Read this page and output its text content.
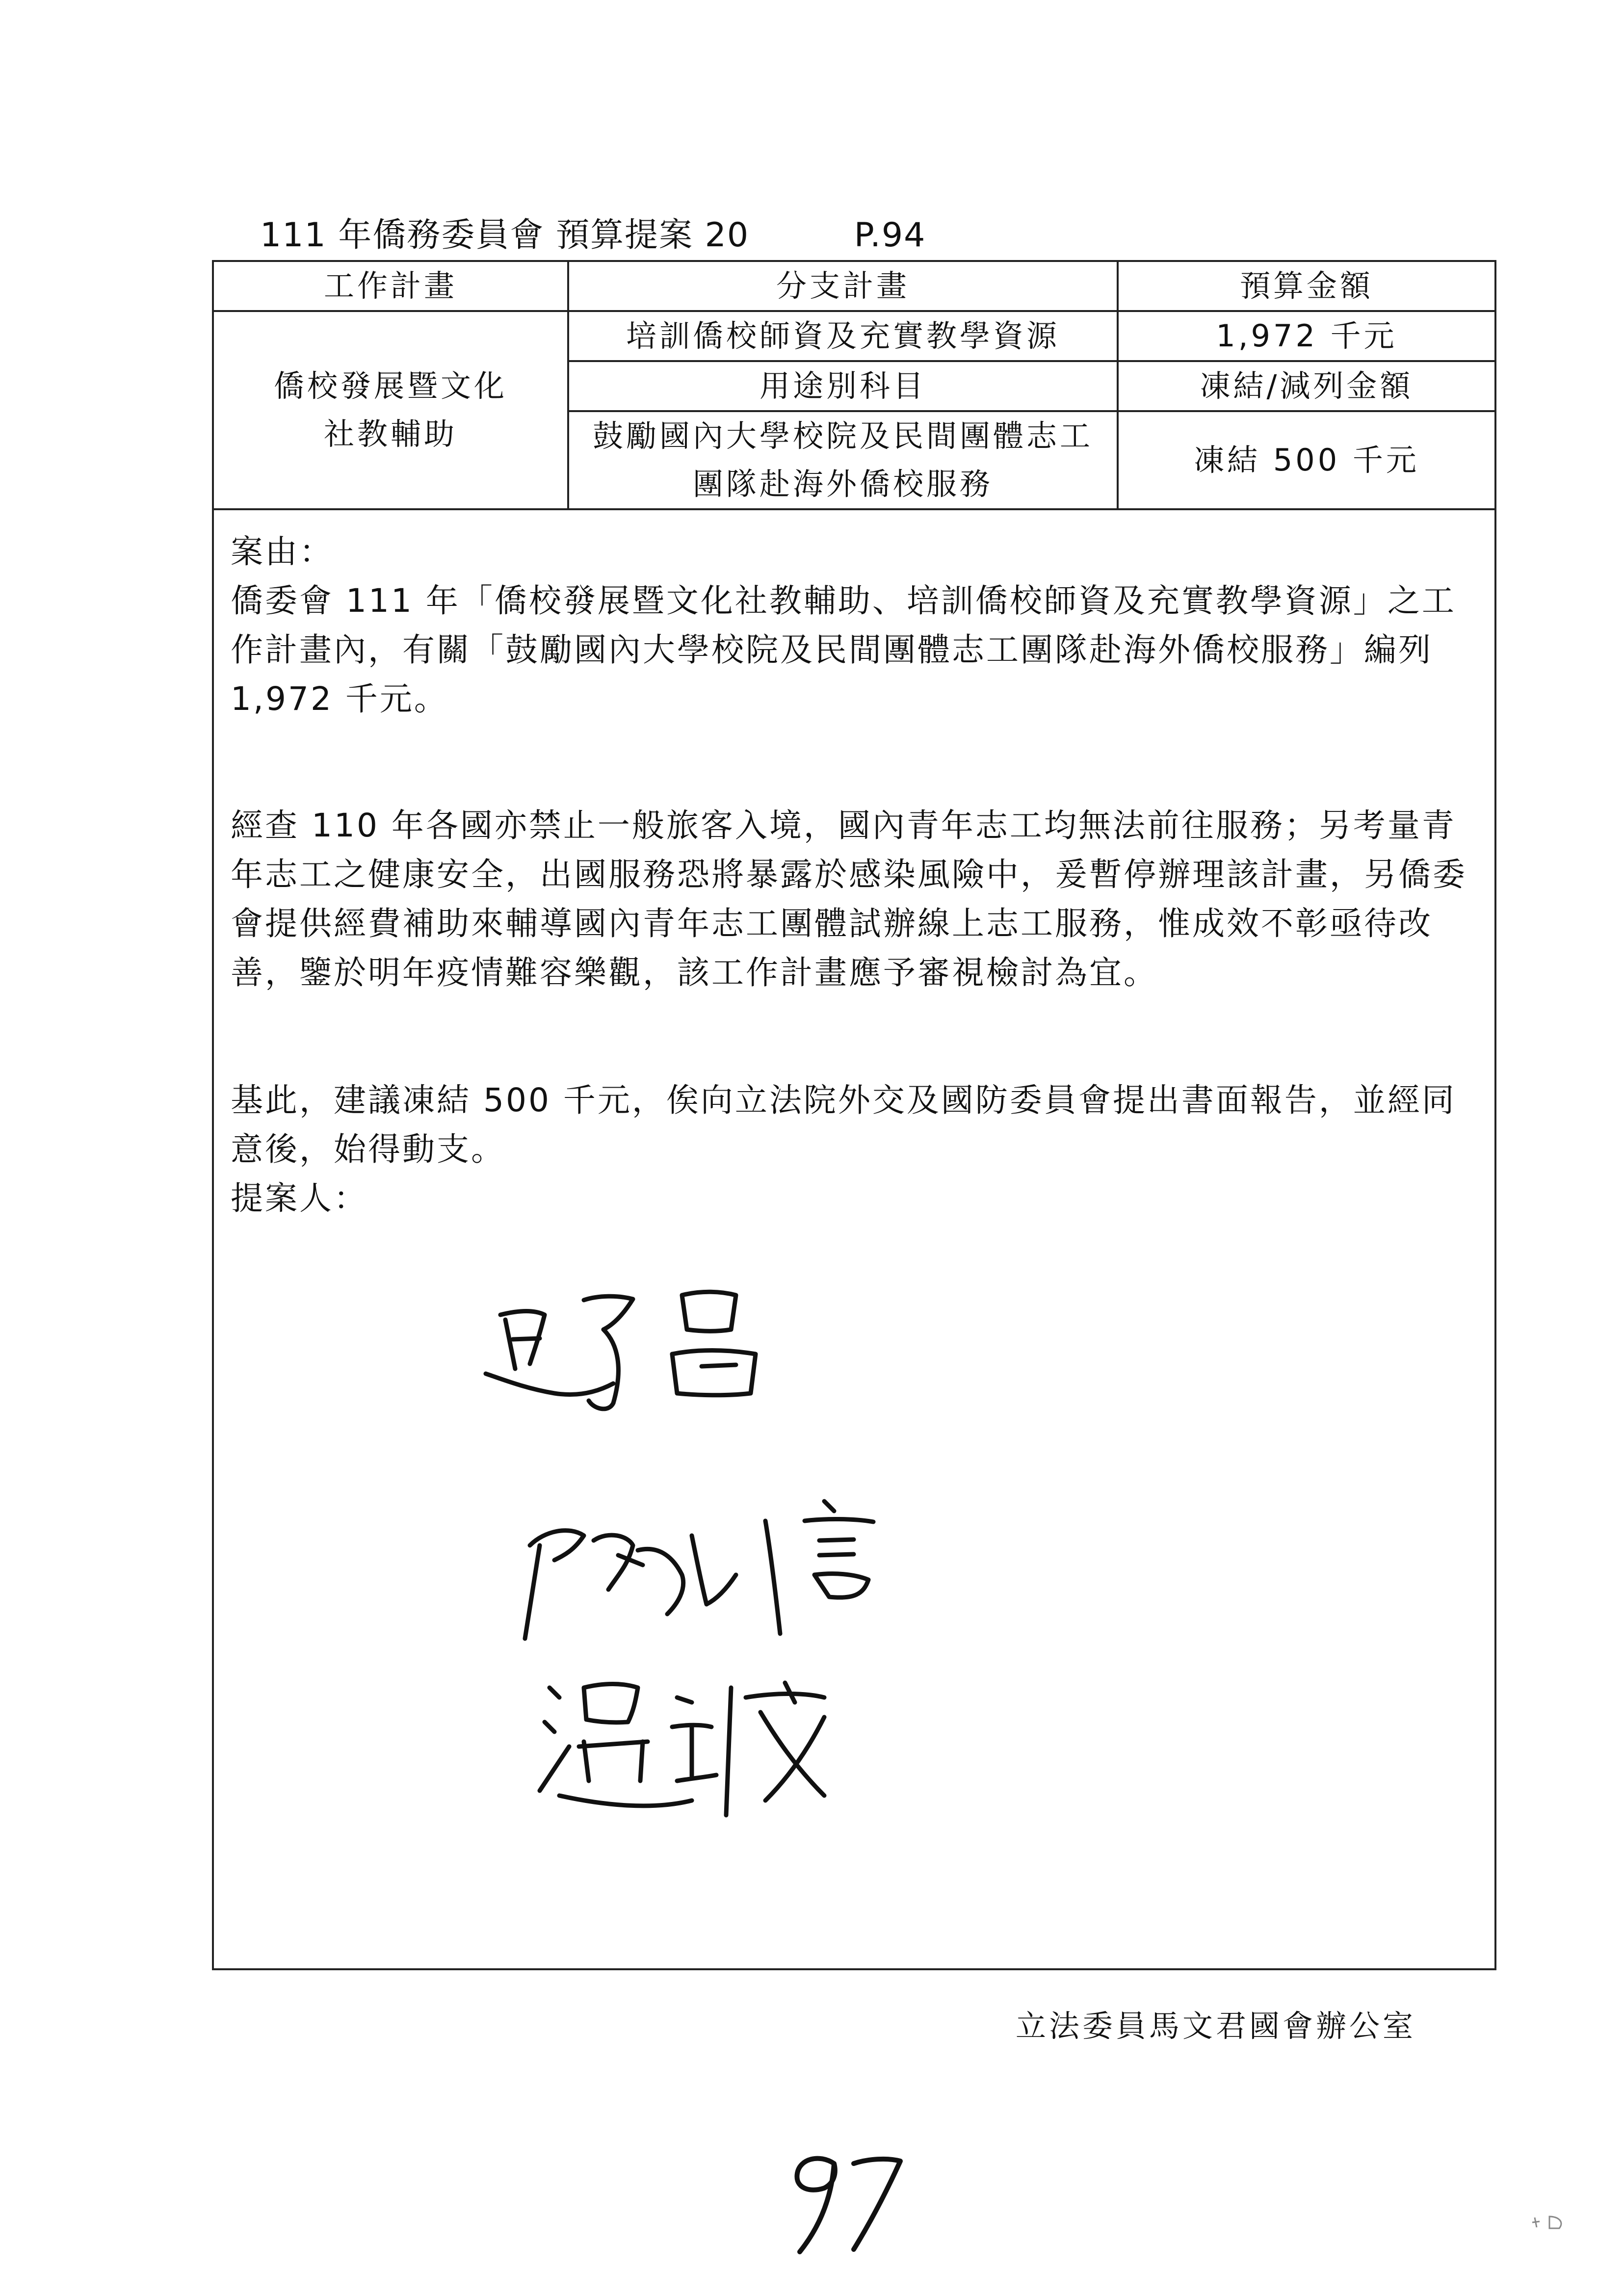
111 年僑務委員會 預算提案 20	P.94
工作計畫	分支計畫	預算金額
僑校發展暨文化社教輔助	培訓僑校師資及充實教學資源	1,972 千元
	用途別科目	凍結/減列金額
	鼓勵國內大學校院及民間團體志工團隊赴海外僑校服務	凍結 500 千元

案由：

僑委會 111 年「僑校發展暨文化社教輔助、培訓僑校師資及充實教學資源」之工作計畫內，有關「鼓勵國內大學校院及民間團體志工團隊赴海外僑校服務」編列 1,972 千元。

經查 110 年各國亦禁止一般旅客入境，國內青年志工均無法前往服務；另考量青年志工之健康安全，出國服務恐將暴露於感染風險中，爰暫停辦理該計畫，另僑委會提供經費補助來輔導國內青年志工團體試辦線上志工服務，惟成效不彰亟待改善，鑒於明年疫情難容樂觀，該工作計畫應予審視檢討為宜。

基此，建議凍結 500 千元，俟向立法院外交及國防委員會提出書面報告，並經同意後，始得動支。

提案人：

立法委員馬文君國會辦公室
